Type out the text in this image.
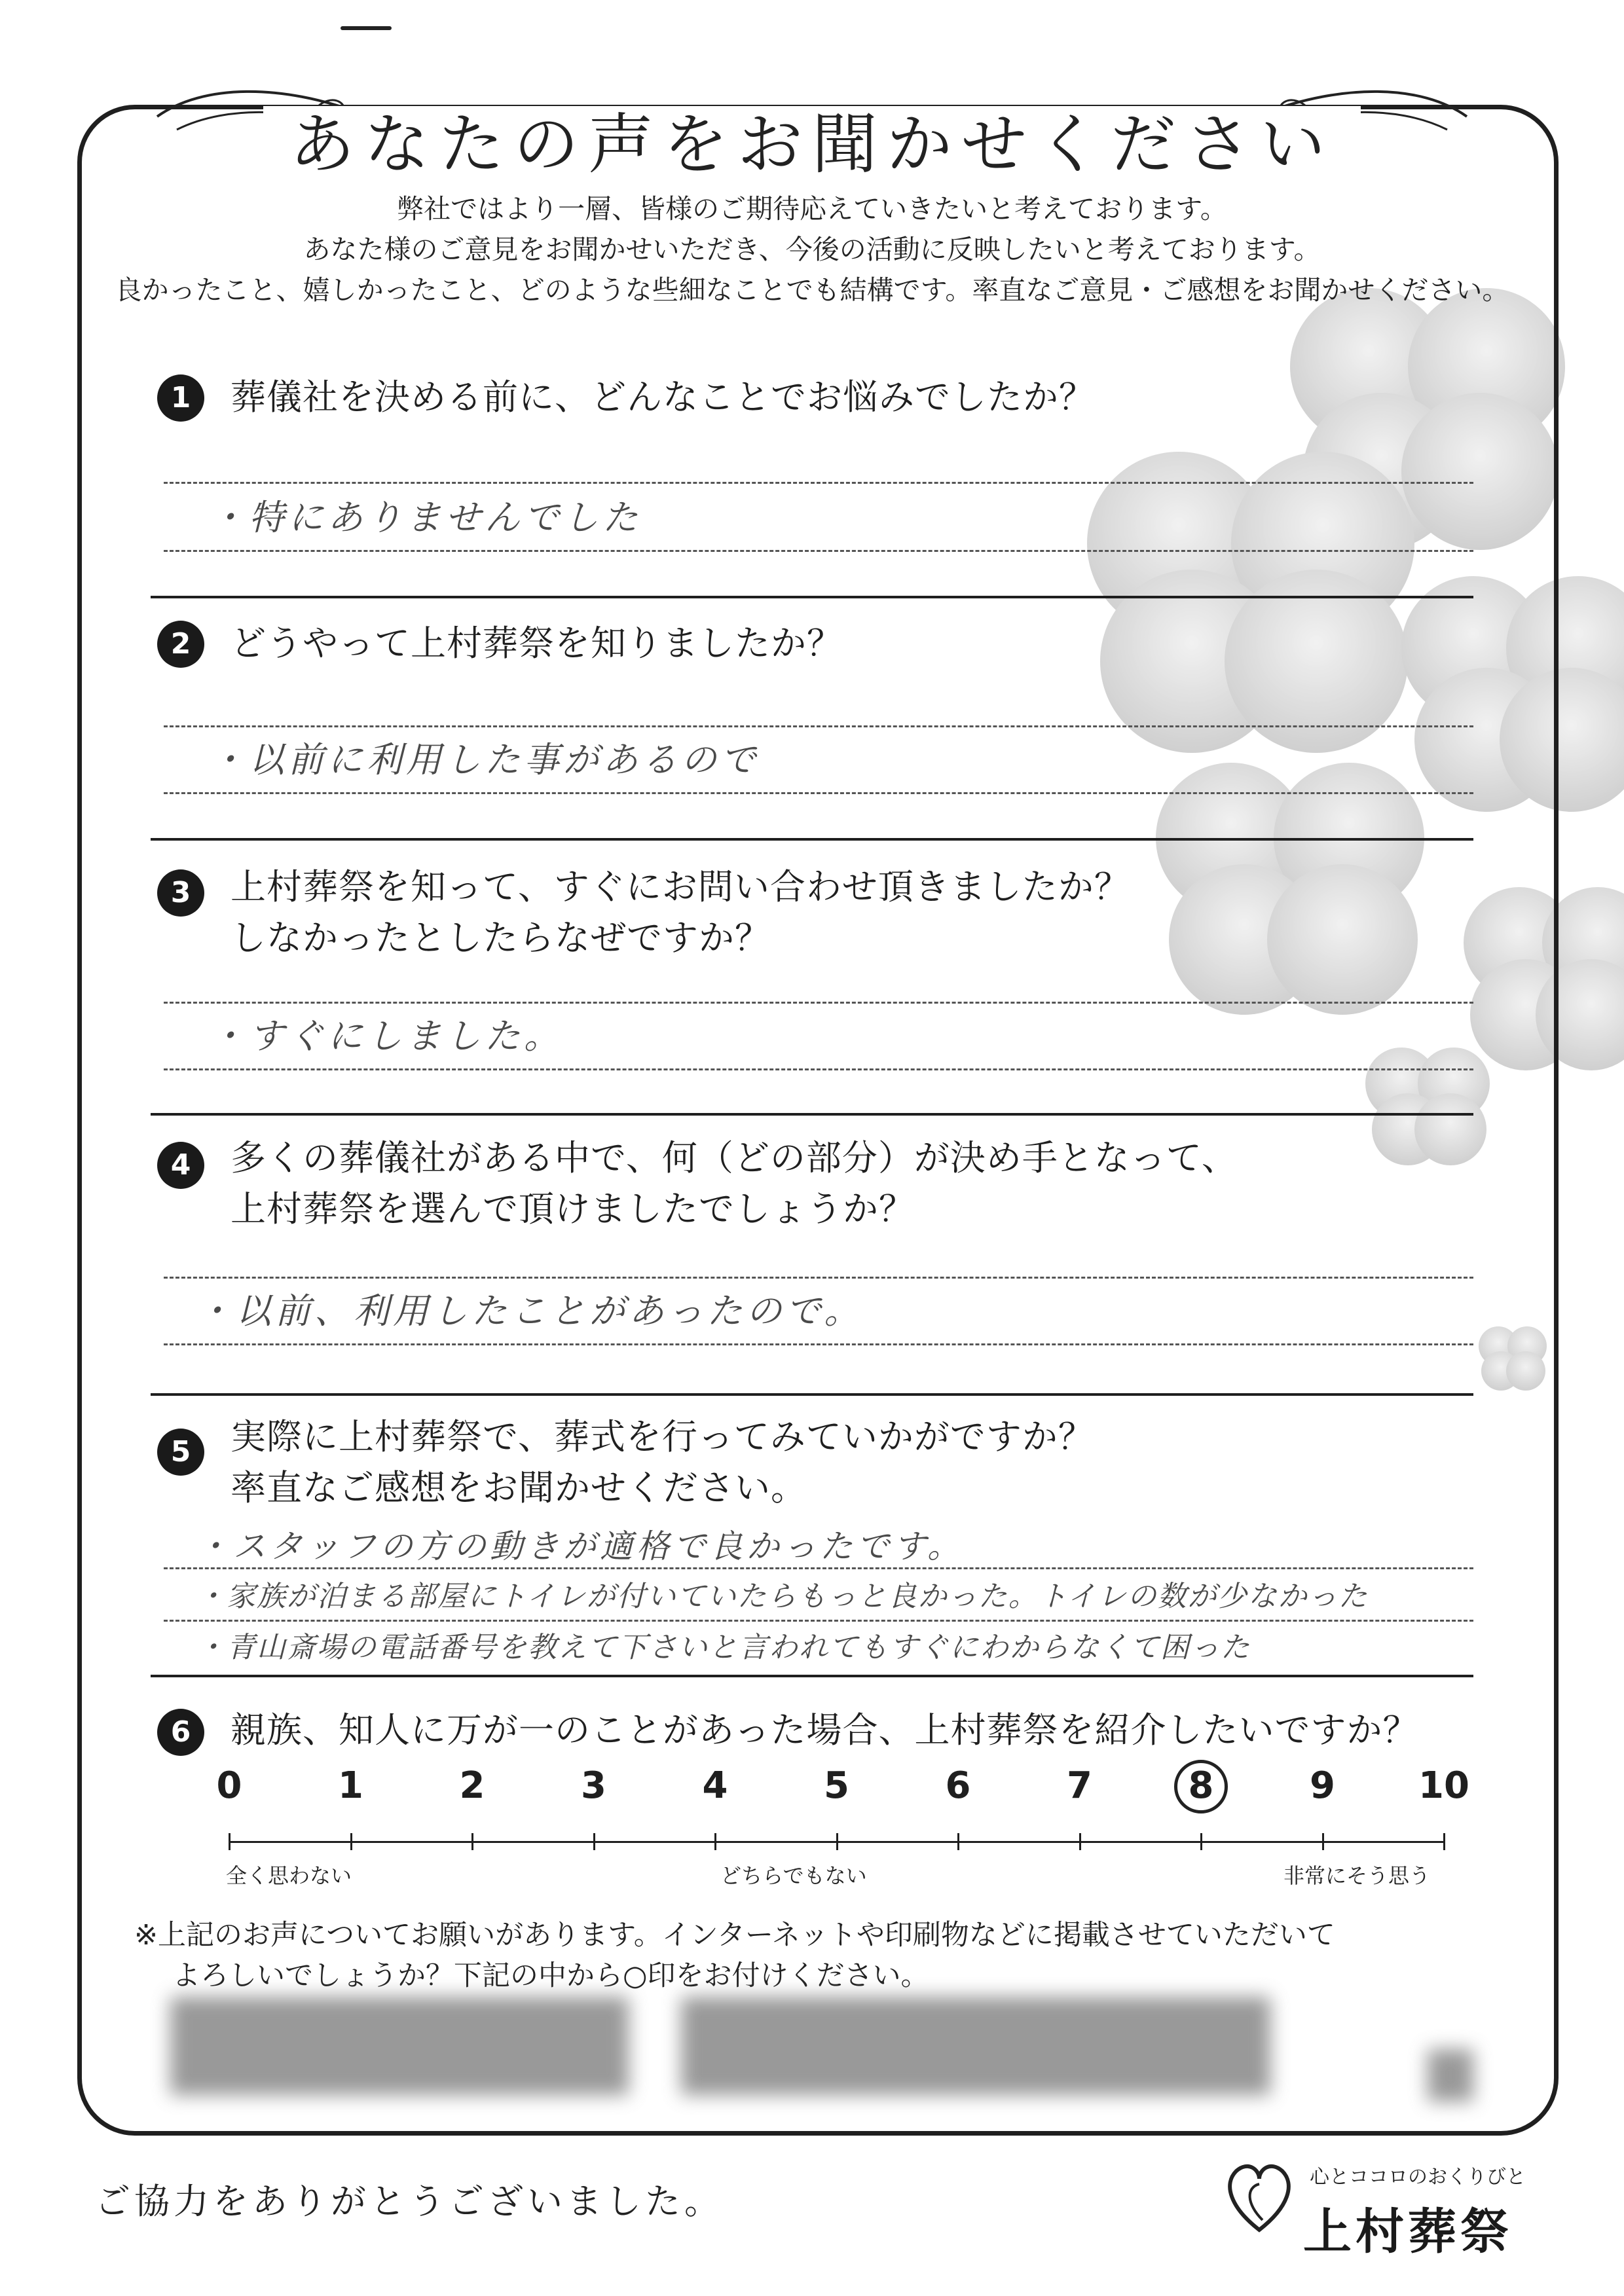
あなたの声をお聞かせください
弊社ではより一層、皆様のご期待応えていきたいと考えております。
あなた様のご意見をお聞かせいただき、今後の活動に反映したいと考えております。
良かったこと、嬉しかったこと、どのような些細なことでも結構です。率直なご意見・ご感想をお聞かせください。
1	葬儀社を決める前に、どんなことでお悩みでしたか？
・特にありませんでした
2	どうやって上村葬祭を知りましたか？
・以前に利用した事があるので
3	上村葬祭を知って、すぐにお問い合わせ頂きましたか？
しなかったとしたらなぜですか？
・すぐにしました。
4	多くの葬儀社がある中で、何（どの部分）が決め手となって、
上村葬祭を選んで頂けましたでしょうか？
・以前、利用したことがあったので。
5	実際に上村葬祭で、葬式を行ってみていかがですか？
率直なご感想をお聞かせください。
・スタッフの方の動きが適格で良かったです。
・家族が泊まる部屋にトイレが付いていたらもっと良かった。トイレの数が少なかった
・青山斎場の電話番号を教えて下さいと言われてもすぐにわからなくて困った
6	親族、知人に万が一のことがあった場合、上村葬祭を紹介したいですか？
0	1	2	3	4	5	6	7	8	9	10
全く思わない	どちらでもない	非常にそう思う
※上記のお声についてお願いがあります。インターネットや印刷物などに掲載させていただいて
よろしいでしょうか？下記の中から○印をお付けください。
ご協力をありがとうございました。
心とココロのおくりびと
上村葬祭
